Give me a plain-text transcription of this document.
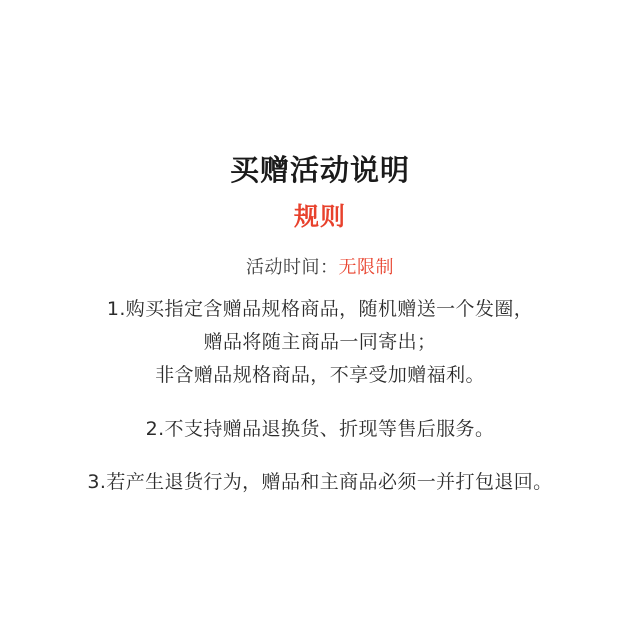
买赠活动说明
规则
活动时间：无限制
1.购买指定含赠品规格商品，随机赠送一个发圈，
赠品将随主商品一同寄出；
非含赠品规格商品，不享受加赠福利。
2.不支持赠品退换货、折现等售后服务。
3.若产生退货行为，赠品和主商品必须一并打包退回。
